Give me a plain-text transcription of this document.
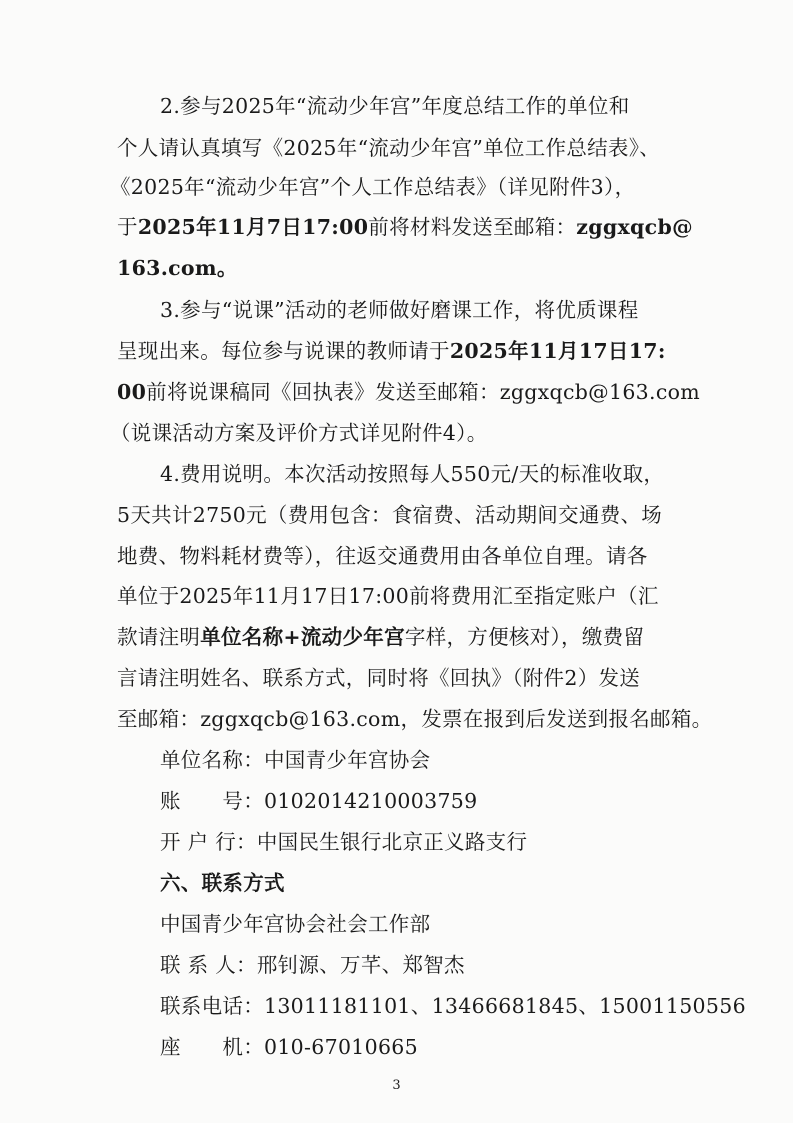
2.参与2025年“流动少年宫”年度总结工作的单位和
个人请认真填写《2025年“流动少年宫”单位工作总结表》、
《2025年“流动少年宫”个人工作总结表》（详见附件3），
于2025年11月7日17:00前将材料发送至邮箱：zggxqcb@
163.com。
3.参与“说课”活动的老师做好磨课工作，将优质课程
呈现出来。每位参与说课的教师请于2025年11月17日17:
00前将说课稿同《回执表》发送至邮箱：zggxqcb@163.com
（说课活动方案及评价方式详见附件4）。
4.费用说明。本次活动按照每人550元/天的标准收取，
5天共计2750元（费用包含：食宿费、活动期间交通费、场
地费、物料耗材费等），往返交通费用由各单位自理。请各
单位于2025年11月17日17:00前将费用汇至指定账户（汇
款请注明单位名称+流动少年宫字样，方便核对），缴费留
言请注明姓名、联系方式，同时将《回执》（附件2）发送
至邮箱：zggxqcb@163.com，发票在报到后发送到报名邮箱。
单位名称：中国青少年宫协会
账　　号：0102014210003759
开 户 行：中国民生银行北京正义路支行
六、联系方式
中国青少年宫协会社会工作部
联 系 人：邢钊源、万芊、郑智杰
联系电话：13011181101、13466681845、15001150556
座　　机：010-67010665
3
